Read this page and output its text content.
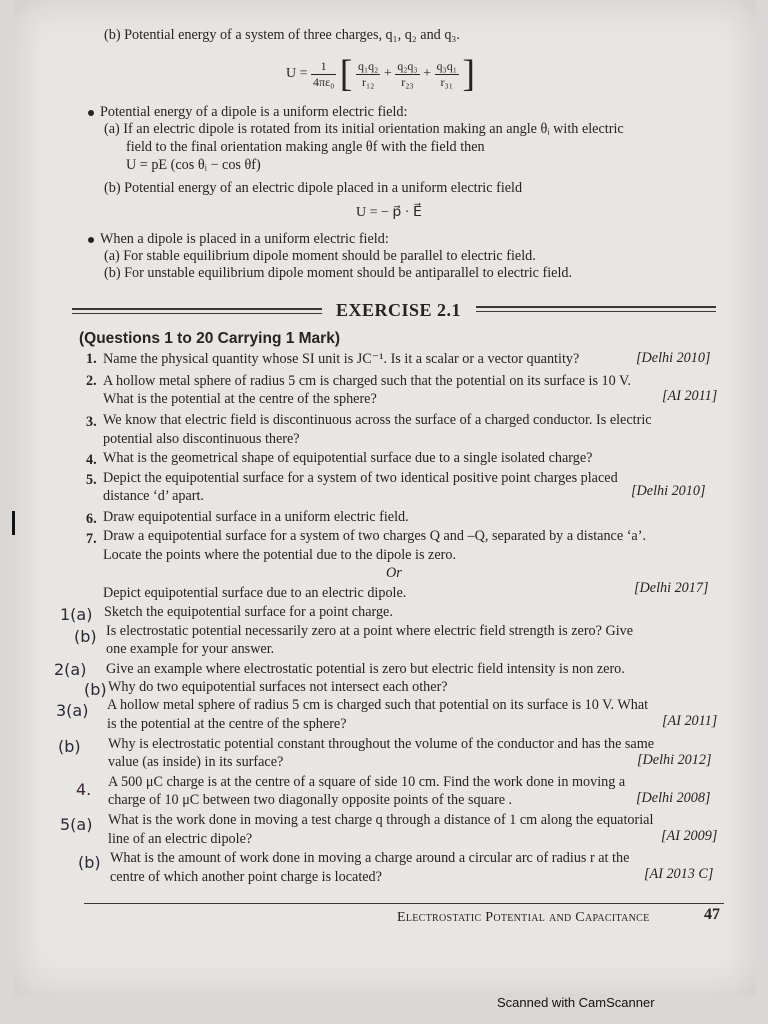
(b) Potential energy of a system of three charges, q₁, q₂ and q₃.
$U = \frac{1}{\text{4πε₀}}$ [ $\frac{\text{q₁q₂}}{\text{r₁₂}} + \frac{\text{q₂q₃}}{\text{r₂₃}} + \frac{\text{q₃q₁}}{\text{r₃₁}}$ ]
Potential energy of a dipole is a uniform electric field:
(a) If an electric dipole is rotated from its initial orientation making an angle θᵢ with electric
field to the final orientation making angle θf with the field then
U = pE (cos θᵢ − cos θf)
(b) Potential energy of an electric dipole placed in a uniform electric field
U = − p⃗ · E⃗
When a dipole is placed in a uniform electric field:
(a) For stable equilibrium dipole moment should be parallel to electric field.
(b) For unstable equilibrium dipole moment should be antiparallel to electric field.
EXERCISE 2.1
(Questions 1 to 20 Carrying 1 Mark)
1. Name the physical quantity whose SI unit is JC⁻¹. Is it a scalar or a vector quantity?	[Delhi 2010]
2. A hollow metal sphere of radius 5 cm is charged such that the potential on its surface is 10 V.
What is the potential at the centre of the sphere?	[AI 2011]
3. We know that electric field is discontinuous across the surface of a charged conductor. Is electric
potential also discontinuous there?
4. What is the geometrical shape of equipotential surface due to a single isolated charge?
5. Depict the equipotential surface for a system of two identical positive point charges placed
distance ‘d’ apart.	[Delhi 2010]
6. Draw equipotential surface in a uniform electric field.
7. Draw a equipotential surface for a system of two charges Q and –Q, separated by a distance ‘a’.
Locate the points where the potential due to the dipole is zero.
Or
Depict equipotential surface due to an electric dipole.	[Delhi 2017]
1(a) Sketch the equipotential surface for a point charge.
(b) Is electrostatic potential necessarily zero at a point where electric field strength is zero? Give
one example for your answer.
2(a) Give an example where electrostatic potential is zero but electric field intensity is non zero.
(b) Why do two equipotential surfaces not intersect each other?
3(a) A hollow metal sphere of radius 5 cm is charged such that potential on its surface is 10 V. What
is the potential at the centre of the sphere?	[AI 2011]
(b) Why is electrostatic potential constant throughout the volume of the conductor and has the same
value (as inside) in its surface?	[Delhi 2012]
4. A 500 μC charge is at the centre of a square of side 10 cm. Find the work done in moving a
charge of 10 μC between two diagonally opposite points of the square .	[Delhi 2008]
5(a) What is the work done in moving a test charge q through a distance of 1 cm along the equatorial
line of an electric dipole?	[AI 2009]
(b) What is the amount of work done in moving a charge around a circular arc of radius r at the
centre of which another point charge is located?	[AI 2013 C]
Electrostatic Potential and Capacitance	47
Scanned with CamScanner
